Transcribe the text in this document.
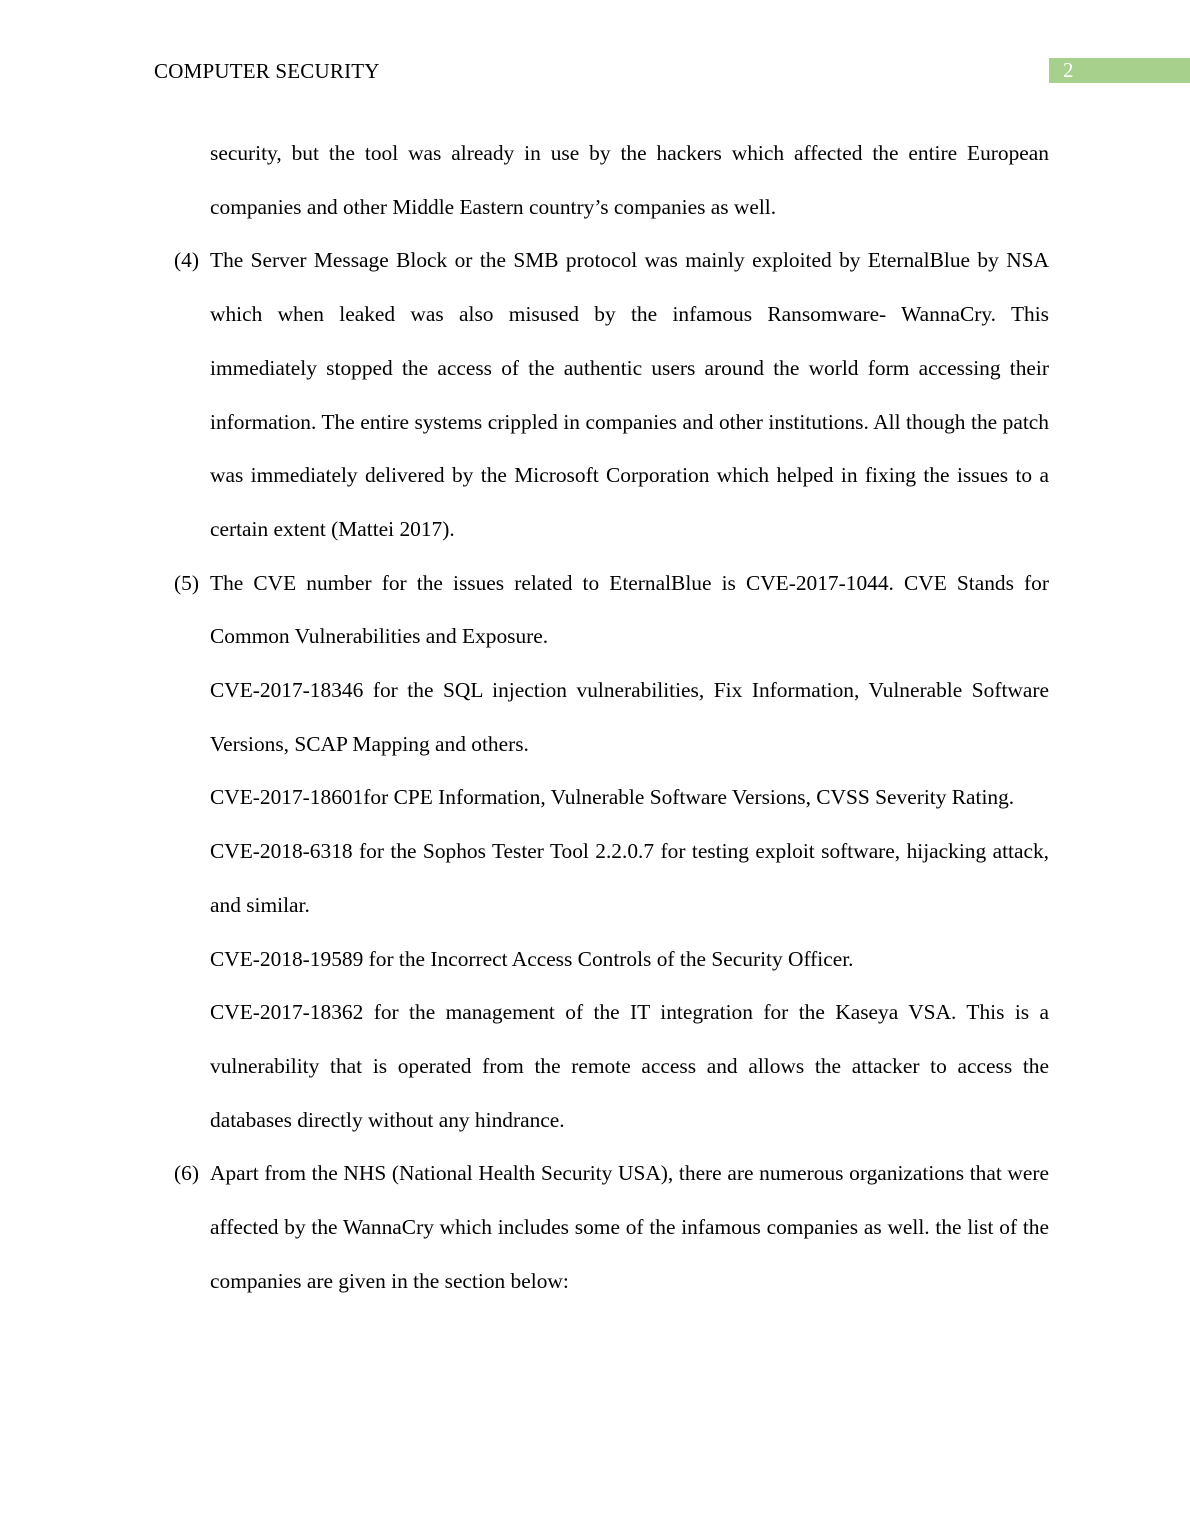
COMPUTER SECURITY	2

security, but the tool was already in use by the hackers which affected the entire European companies and other Middle Eastern country’s companies as well.

(4) The Server Message Block or the SMB protocol was mainly exploited by EternalBlue by NSA which when leaked was also misused by the infamous Ransomware- WannaCry. This immediately stopped the access of the authentic users around the world form accessing their information. The entire systems crippled in companies and other institutions. All though the patch was immediately delivered by the Microsoft Corporation which helped in fixing the issues to a certain extent (Mattei 2017).

(5) The CVE number for the issues related to EternalBlue is CVE-2017-1044. CVE Stands for Common Vulnerabilities and Exposure.

CVE-2017-18346 for the SQL injection vulnerabilities, Fix Information, Vulnerable Software Versions, SCAP Mapping and others.

CVE-2017-18601for CPE Information, Vulnerable Software Versions, CVSS Severity Rating.

CVE-2018-6318 for the Sophos Tester Tool 2.2.0.7 for testing exploit software, hijacking attack, and similar.

CVE-2018-19589 for the Incorrect Access Controls of the Security Officer.

CVE-2017-18362 for the management of the IT integration for the Kaseya VSA. This is a vulnerability that is operated from the remote access and allows the attacker to access the databases directly without any hindrance.

(6) Apart from the NHS (National Health Security USA), there are numerous organizations that were affected by the WannaCry which includes some of the infamous companies as well. the list of the companies are given in the section below:
